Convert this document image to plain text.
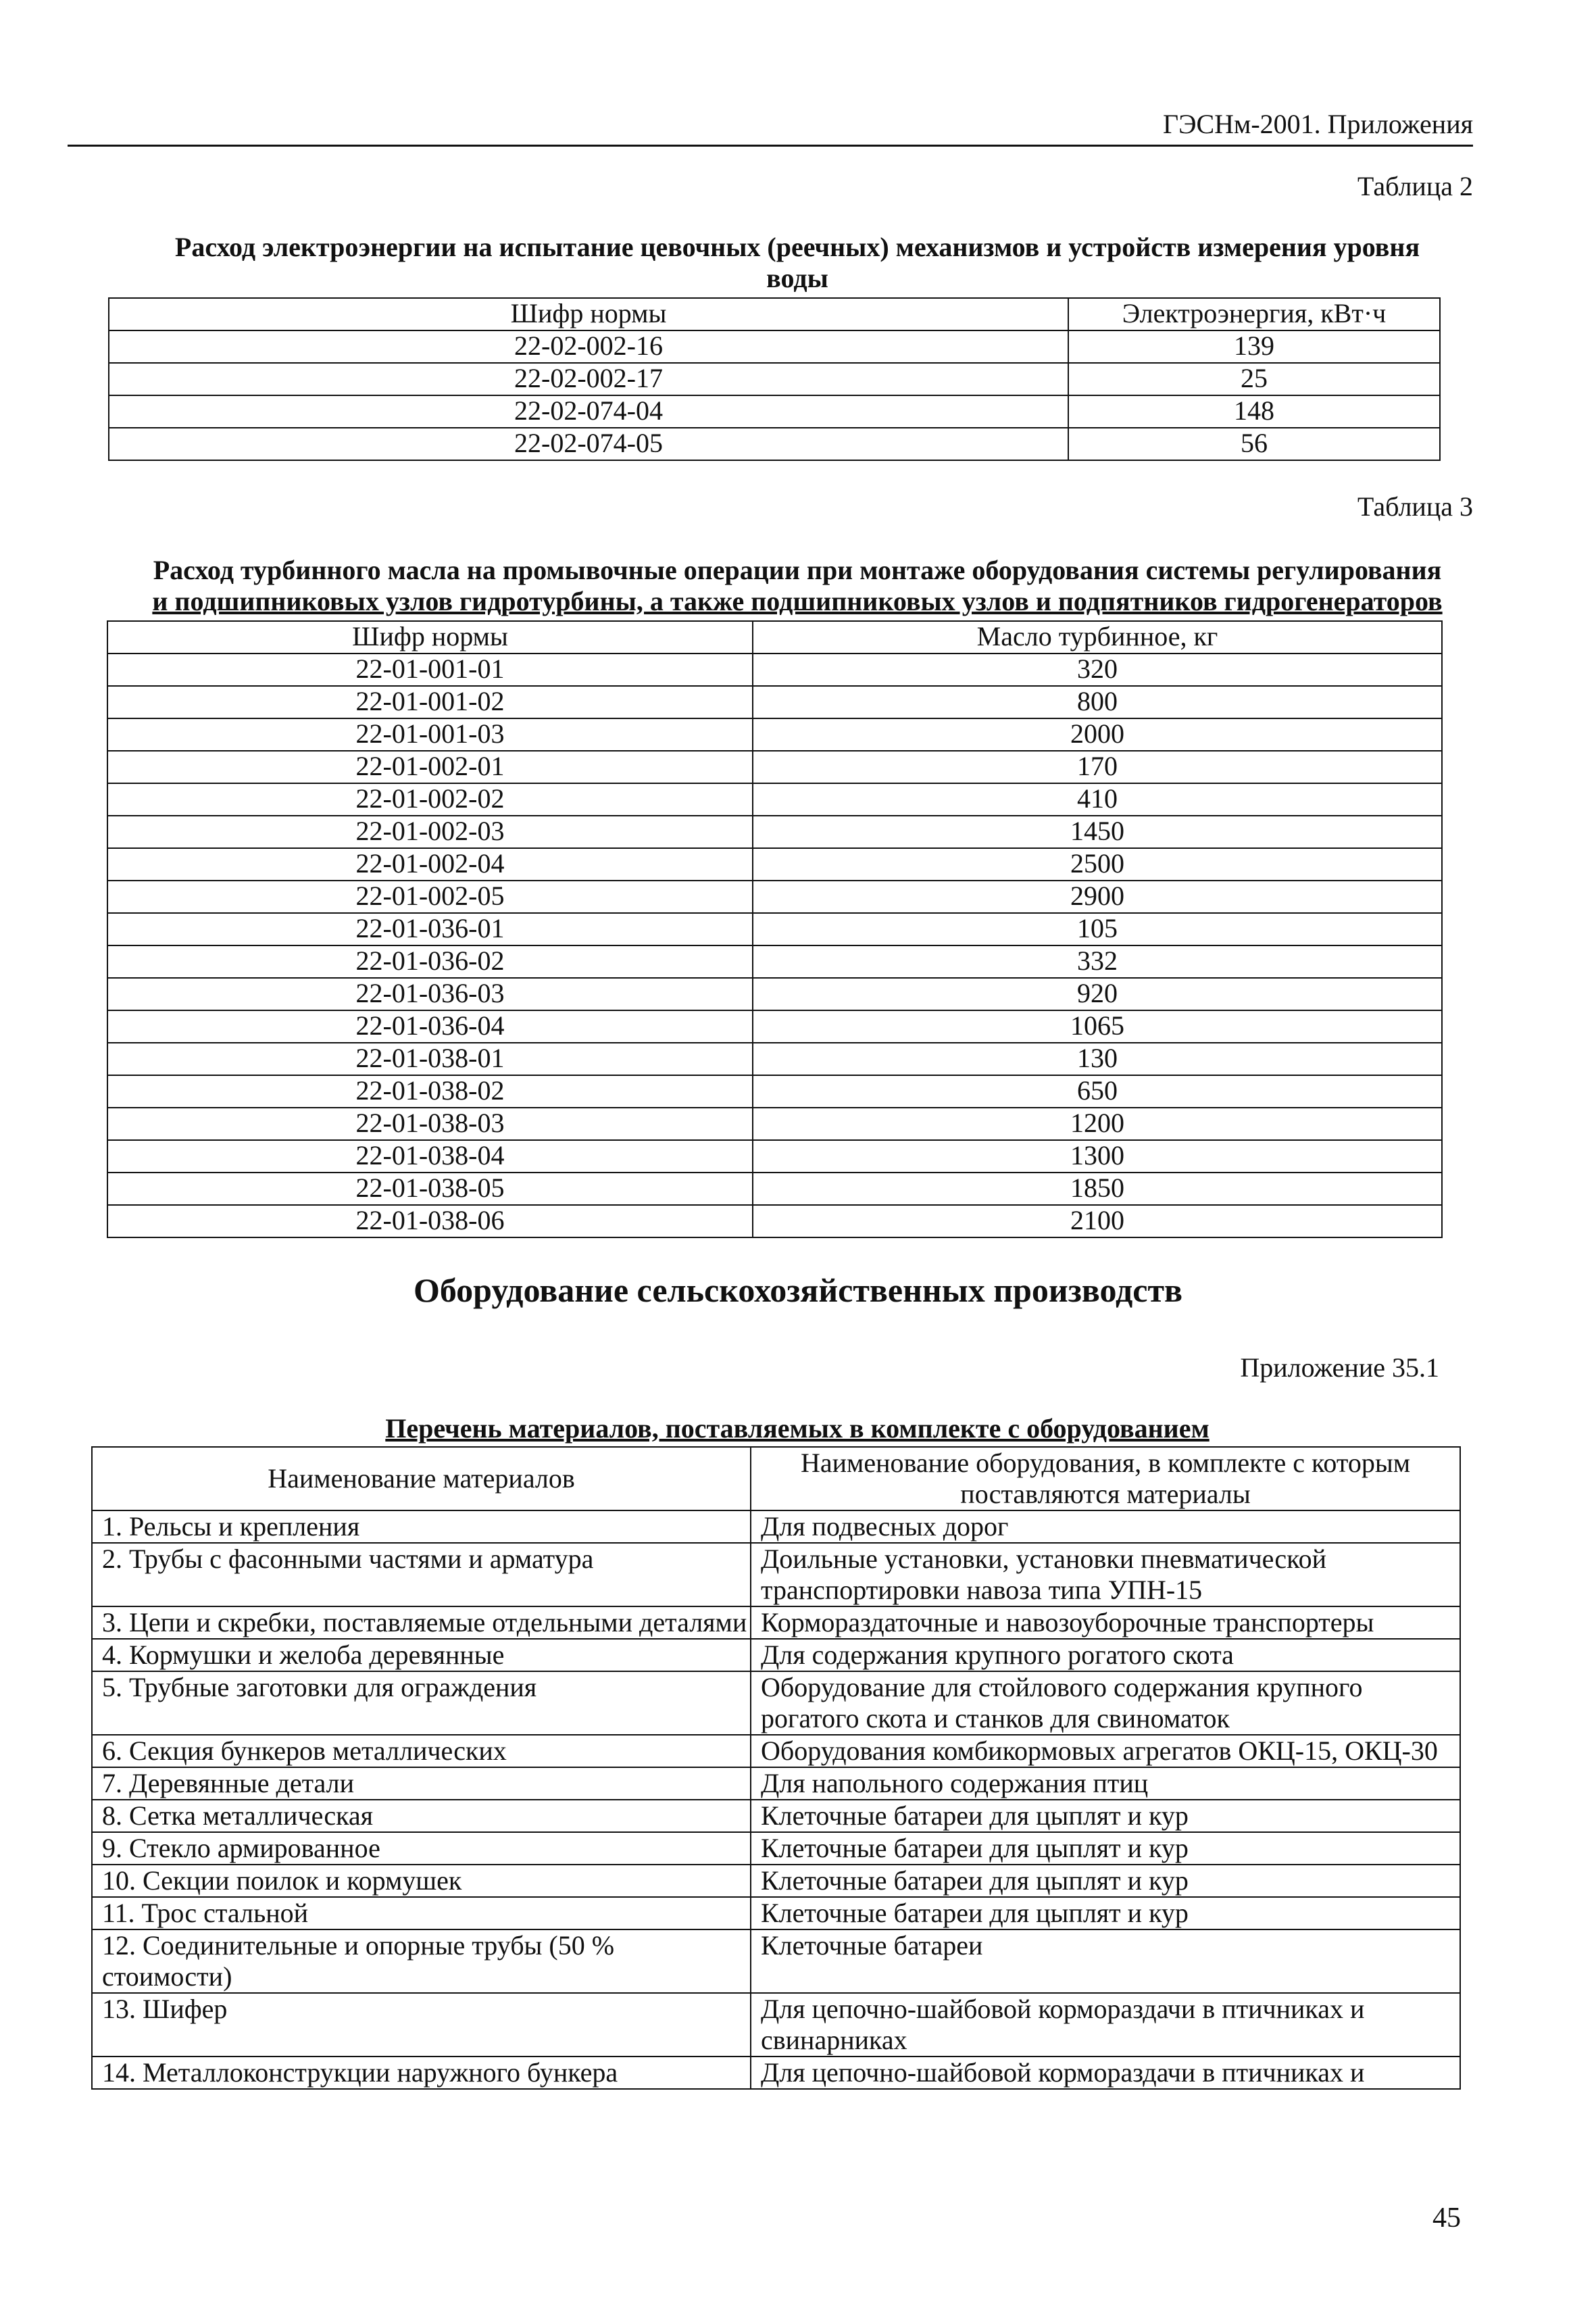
ГЭСНм-2001. Приложения
Таблица 2
Расход электроэнергии на испытание цевочных (реечных) механизмов и устройств измерения уровня
воды
Шифр нормы	Электроэнергия, кВт·ч
22-02-002-16	139
22-02-002-17	25
22-02-074-04	148
22-02-074-05	56
Таблица 3
Расход турбинного масла на промывочные операции при монтаже оборудования системы регулирования
и подшипниковых узлов гидротурбины, а также подшипниковых узлов и подпятников гидрогенераторов
Шифр нормы	Масло турбинное, кг
22-01-001-01	320
22-01-001-02	800
22-01-001-03	2000
22-01-002-01	170
22-01-002-02	410
22-01-002-03	1450
22-01-002-04	2500
22-01-002-05	2900
22-01-036-01	105
22-01-036-02	332
22-01-036-03	920
22-01-036-04	1065
22-01-038-01	130
22-01-038-02	650
22-01-038-03	1200
22-01-038-04	1300
22-01-038-05	1850
22-01-038-06	2100
Оборудование сельскохозяйственных производств
Приложение 35.1
Перечень материалов, поставляемых в комплекте с оборудованием
Наименование материалов	Наименование оборудования, в комплекте с которым поставляются материалы
1. Рельсы и крепления	Для подвесных дорог
2. Трубы с фасонными частями и арматура	Доильные установки, установки пневматической транспортировки навоза типа УПН-15
3. Цепи и скребки, поставляемые отдельными деталями	Кормораздаточные и навозоуборочные транспортеры
4. Кормушки и желоба деревянные	Для содержания крупного рогатого скота
5. Трубные заготовки для ограждения	Оборудование для стойлового содержания крупного рогатого скота и станков для свиноматок
6. Секция бункеров металлических	Оборудования комбикормовых агрегатов ОКЦ-15, ОКЦ-30
7. Деревянные детали	Для напольного содержания птиц
8. Сетка металлическая	Клеточные батареи для цыплят и кур
9. Стекло армированное	Клеточные батареи для цыплят и кур
10. Секции поилок и кормушек	Клеточные батареи для цыплят и кур
11. Трос стальной	Клеточные батареи для цыплят и кур
12. Соединительные и опорные трубы (50 % стоимости)	Клеточные батареи
13. Шифер	Для цепочно-шайбовой кормораздачи в птичниках и свинарниках
14. Металлоконструкции наружного бункера	Для цепочно-шайбовой кормораздачи в птичниках и
45
